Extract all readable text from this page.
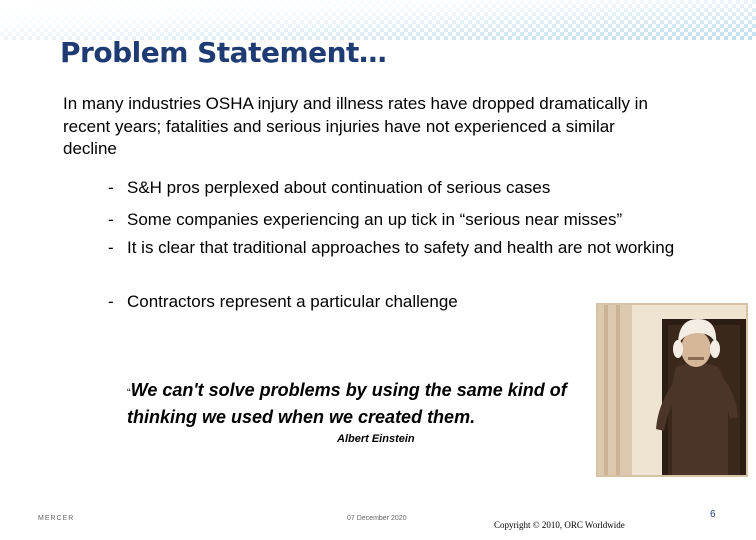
Problem Statement…

In many industries OSHA injury and illness rates have dropped dramatically in recent years; fatalities and serious injuries have not experienced a similar decline

- S&H pros perplexed about continuation of serious cases
- Some companies experiencing an up tick in “serious near misses”
- It is clear that traditional approaches to safety and health are not working
- Contractors represent a particular challenge

“We can't solve problems by using the same kind of thinking we used when we created them.

Albert Einstein
MERCER	07 December 2020
Copyright © 2010, ORC Worldwide
6
